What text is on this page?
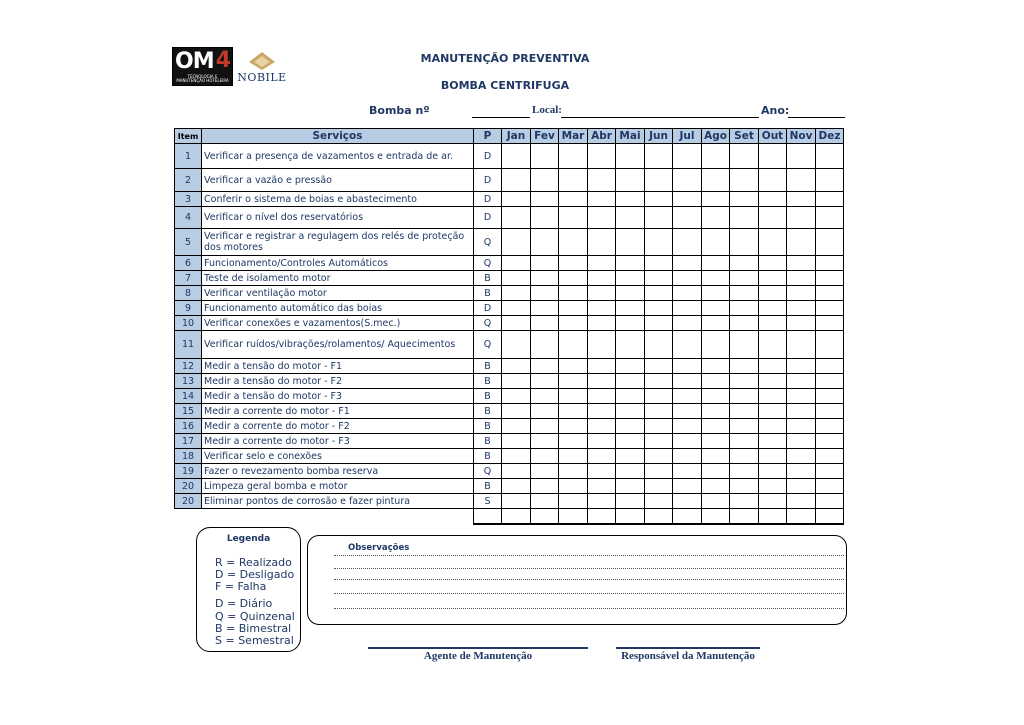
OM 4
TECNOLOGIA E MANUTENÇÃO HOTELEIRA NOBILE
MANUTENÇÃO PREVENTIVA
BOMBA CENTRIFUGA
Bomba nº	Local:	Ano:
Item	Serviços	P	Jan	Fev	Mar	Abr	Mai	Jun	Jul	Ago	Set	Out	Nov	Dez
1	Verificar a presença de vazamentos e entrada de ar.	D												
2	Verificar a vazão e pressão	D												
3	Conferir o sistema de boias e abastecimento	D												
4	Verificar o nível dos reservatórios	D												
5	Verificar e registrar a regulagem dos relés de proteção dos motores	Q												
6	Funcionamento/Controles Automáticos	Q												
7	Teste de isolamento motor	B												
8	Verificar ventilação motor	B												
9	Funcionamento automático das boias	D												
10	Verificar conexões e vazamentos(S.mec.)	Q												
11	Verificar ruídos/vibrações/rolamentos/ Aquecimentos	Q												
12	Medir a tensão do motor - F1	B												
13	Medir a tensão do motor - F2	B												
14	Medir a tensão do motor - F3	B												
15	Medir a corrente do motor - F1	B												
16	Medir a corrente do motor - F2	B												
17	Medir a corrente do motor - F3	B												
18	Verificar selo e conexões	B												
19	Fazer o revezamento bomba reserva	Q												
20	Limpeza geral bomba e motor	B												
20	Eliminar pontos de corrosão e fazer pintura	S												

Legenda
R = Realizado
D = Desligado
F = Falha
D = Diário
Q = Quinzenal
B = Bimestral
S = Semestral
Observações
Agente de Manutenção	Responsável da Manutenção
